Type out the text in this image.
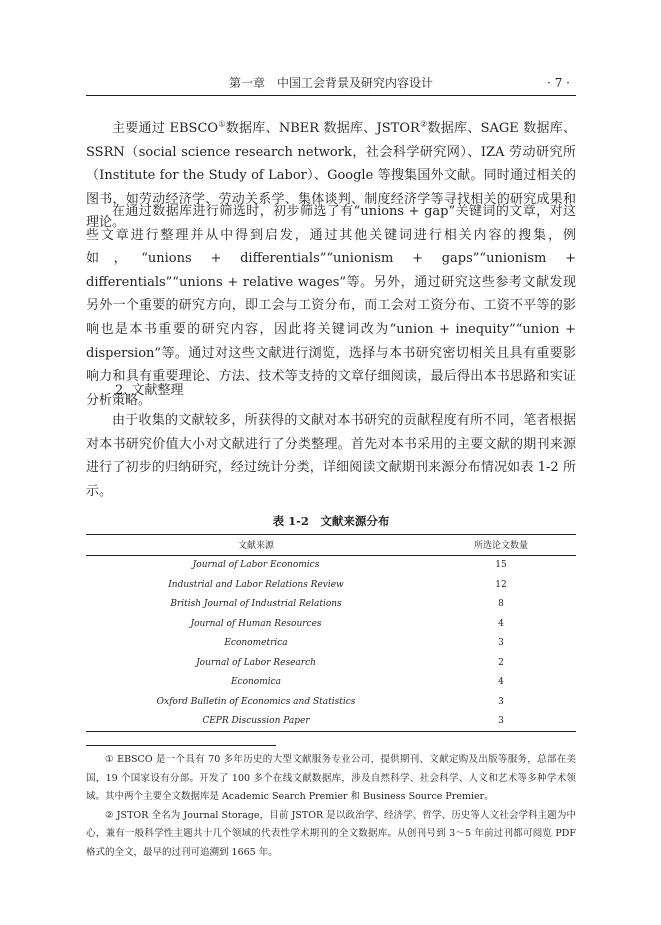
第一章　中国工会背景及研究内容设计	· 7 ·

主要通过 EBSCO①数据库、NBER 数据库、JSTOR②数据库、SAGE 数据库、SSRN（social science research network，社会科学研究网）、IZA 劳动研究所（Institute for the Study of Labor）、Google 等搜集国外文献。同时通过相关的图书，如劳动经济学、劳动关系学、集体谈判、制度经济学等寻找相关的研究成果和理论。

在通过数据库进行筛选时，初步筛选了有“unions + gap”关键词的文章，对这些文章进行整理并从中得到启发，通过其他关键词进行相关内容的搜集，例如，“unions + differentials”“unionism + gaps”“unionism + differentials”“unions + relative wages”等。另外，通过研究这些参考文献发现另外一个重要的研究方向，即工会与工资分布，而工会对工资分布、工资不平等的影响也是本书重要的研究内容，因此将关键词改为“union + inequity”“union + dispersion”等。通过对这些文献进行浏览，选择与本书研究密切相关且具有重要影响力和具有重要理论、方法、技术等支持的文章仔细阅读，最后得出本书思路和实证分析策略。

2. 文献整理

由于收集的文献较多，所获得的文献对本书研究的贡献程度有所不同，笔者根据对本书研究价值大小对文献进行了分类整理。首先对本书采用的主要文献的期刊来源进行了初步的归纳研究，经过统计分类，详细阅读文献期刊来源分布情况如表 1-2 所示。

表 1-2　文献来源分布
文献来源	所选论文数量
Journal of Labor Economics	15
Industrial and Labor Relations Review	12
British Journal of Industrial Relations	8
Journal of Human Resources	4
Econometrica	3
Journal of Labor Research	2
Economica	4
Oxford Bulletin of Economics and Statistics	3
CEPR Discussion Paper	3

① EBSCO 是一个具有 70 多年历史的大型文献服务专业公司，提供期刊、文献定购及出版等服务，总部在美国，19 个国家设有分部。开发了 100 多个在线文献数据库，涉及自然科学、社会科学、人文和艺术等多种学术领域。其中两个主要全文数据库是 Academic Search Premier 和 Business Source Premier。

② JSTOR 全名为 Journal Storage，目前 JSTOR 是以政治学、经济学、哲学、历史等人文社会学科主题为中心，兼有一般科学性主题共十几个领域的代表性学术期刊的全文数据库。从创刊号到 3～5 年前过刊都可阅览 PDF 格式的全文，最早的过刊可追溯到 1665 年。
